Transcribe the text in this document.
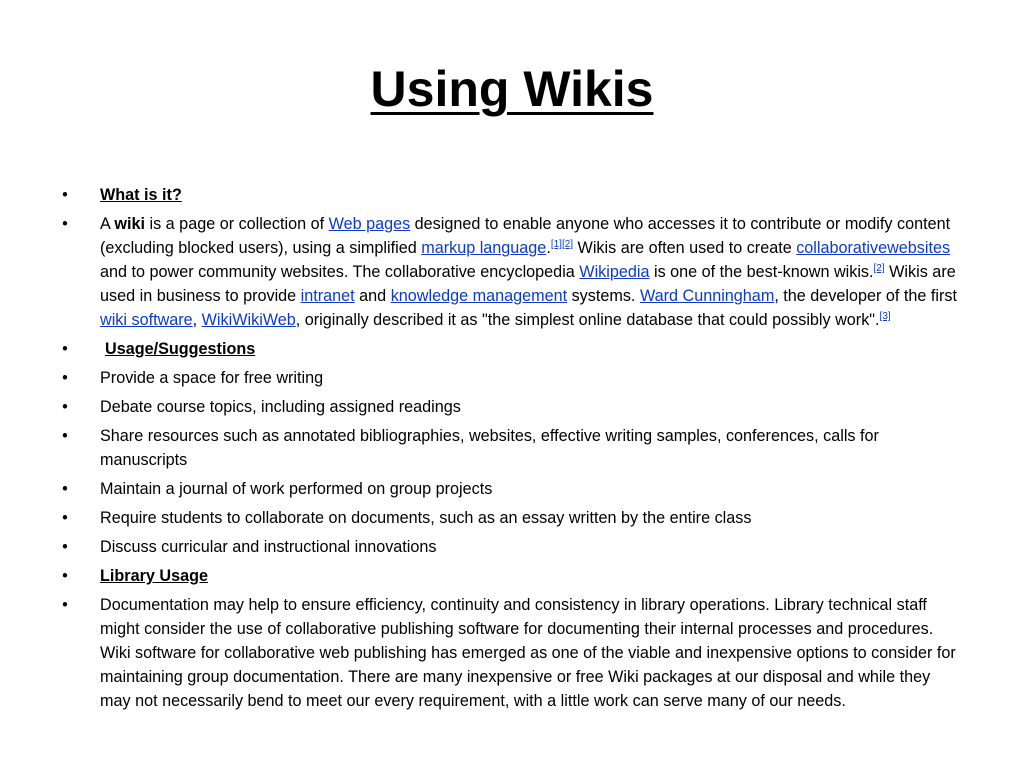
Using Wikis
• What is it?
• A wiki is a page or collection of Web pages designed to enable anyone who accesses it to contribute or modify content (excluding blocked users), using a simplified markup language.[1][2] Wikis are often used to create collaborativewebsites and to power community websites. The collaborative encyclopedia Wikipedia is one of the best-known wikis.[2] Wikis are used in business to provide intranet and knowledge management systems. Ward Cunningham, the developer of the first wiki software, WikiWikiWeb, originally described it as "the simplest online database that could possibly work".[3]
• Usage/Suggestions
• Provide a space for free writing
• Debate course topics, including assigned readings
• Share resources such as annotated bibliographies, websites, effective writing samples, conferences, calls for manuscripts
• Maintain a journal of work performed on group projects
• Require students to collaborate on documents, such as an essay written by the entire class
• Discuss curricular and instructional innovations
• Library Usage
• Documentation may help to ensure efficiency, continuity and consistency in library operations. Library technical staff might consider the use of collaborative publishing software for documenting their internal processes and procedures. Wiki software for collaborative web publishing has emerged as one of the viable and inexpensive options to consider for maintaining group documentation. There are many inexpensive or free Wiki packages at our disposal and while they may not necessarily bend to meet our every requirement, with a little work can serve many of our needs.
